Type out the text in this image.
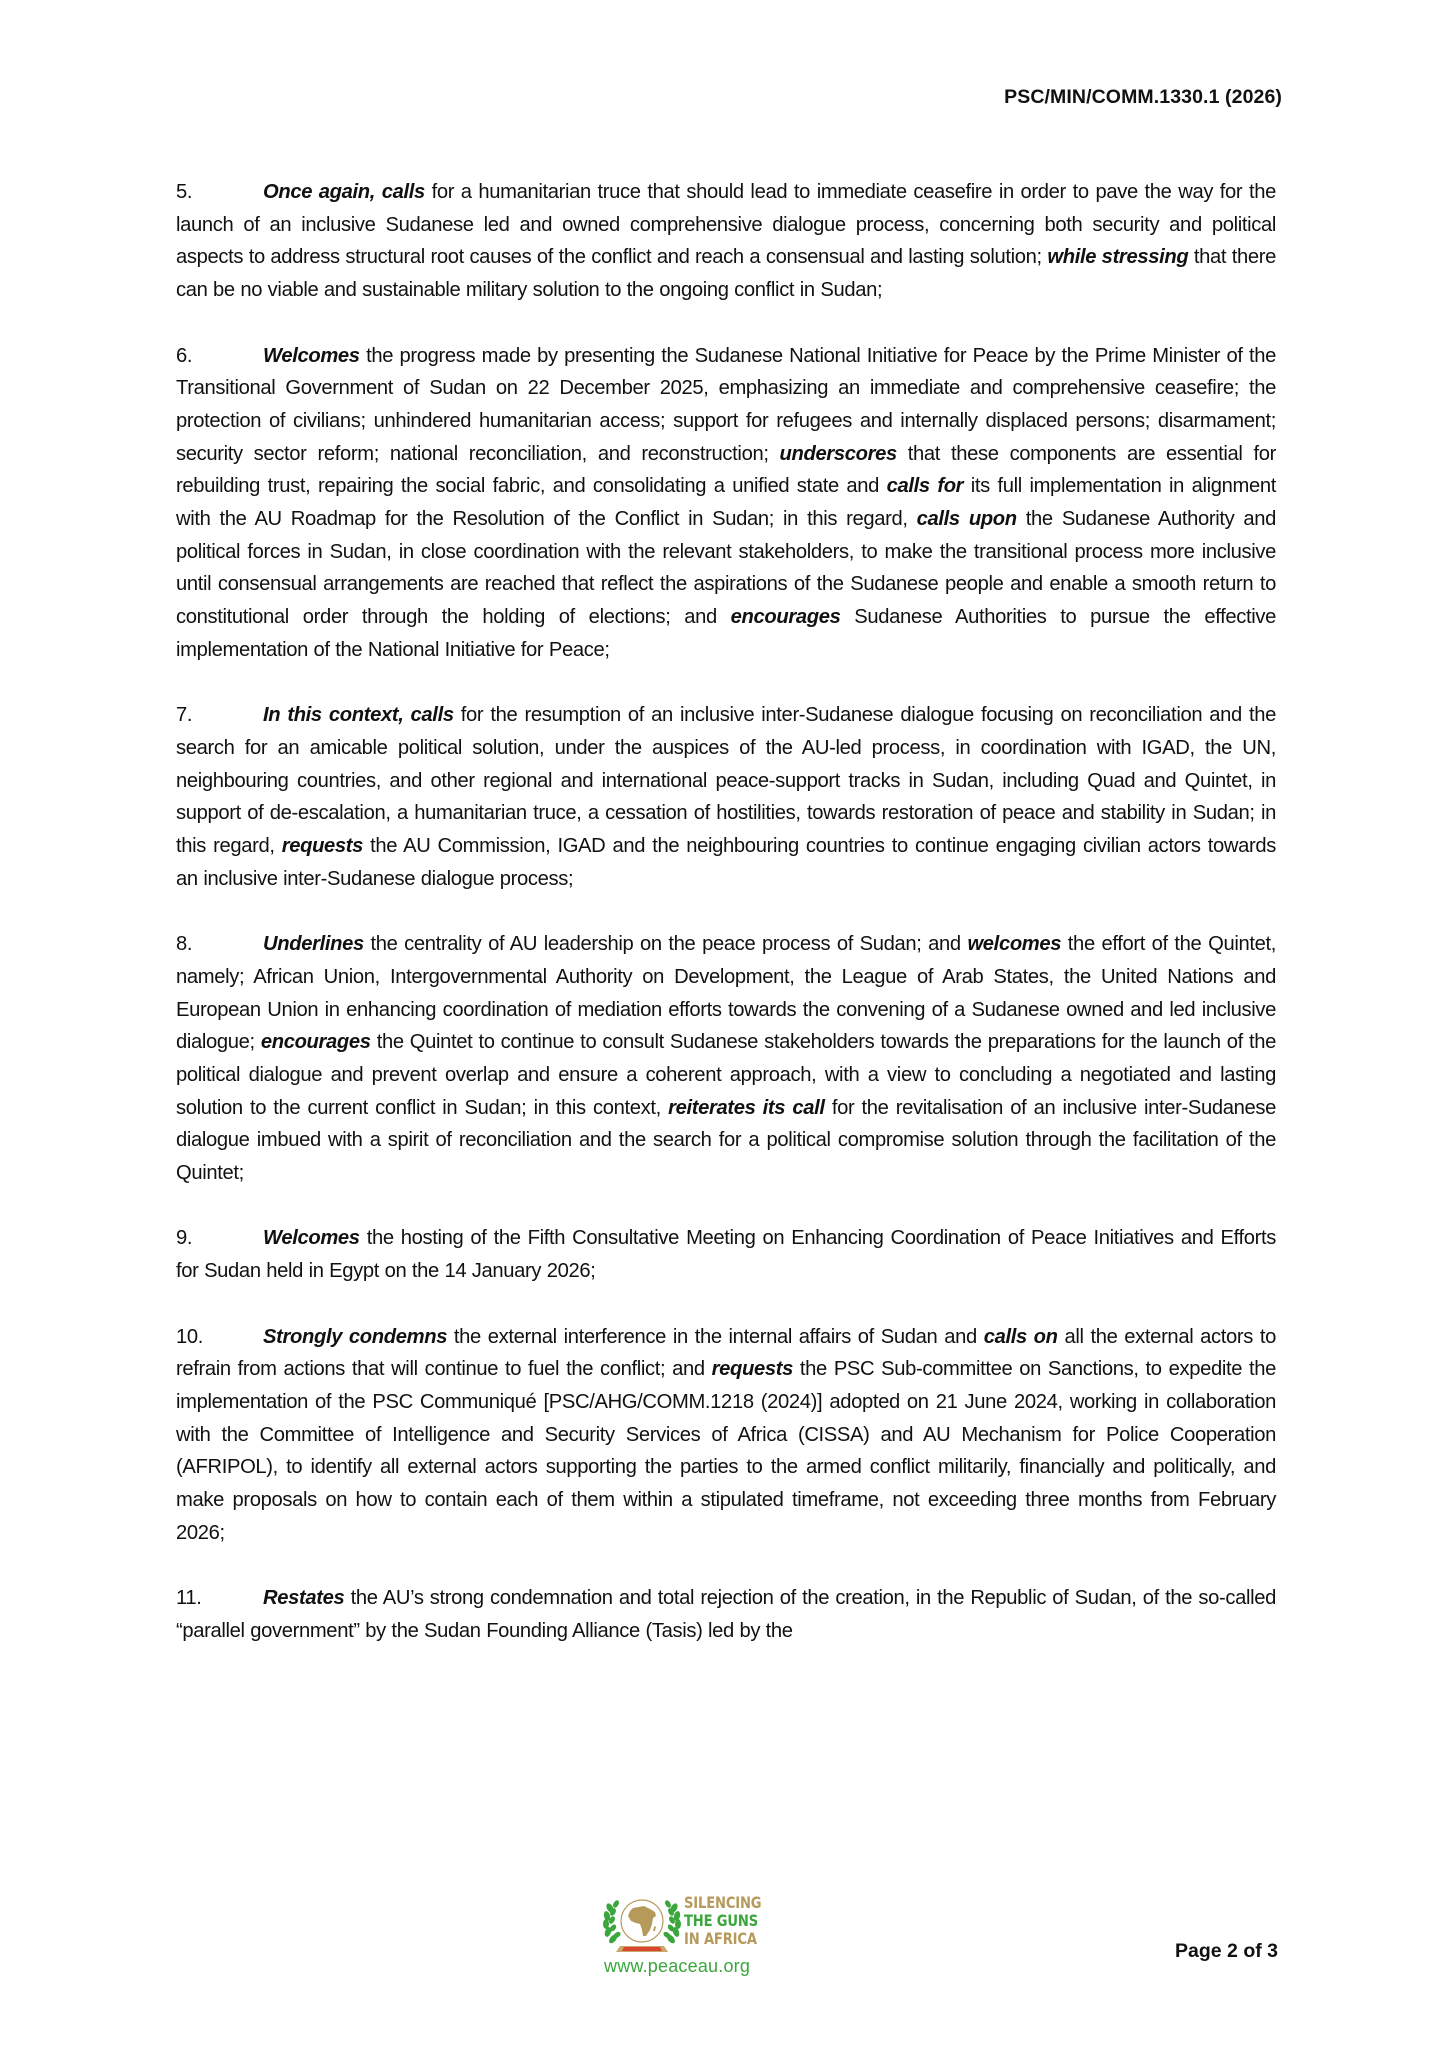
PSC/MIN/COMM.1330.1 (2026)

5.	Once again, calls for a humanitarian truce that should lead to immediate ceasefire in order to pave the way for the launch of an inclusive Sudanese led and owned comprehensive dialogue process, concerning both security and political aspects to address structural root causes of the conflict and reach a consensual and lasting solution; while stressing that there can be no viable and sustainable military solution to the ongoing conflict in Sudan;

6.	Welcomes the progress made by presenting the Sudanese National Initiative for Peace by the Prime Minister of the Transitional Government of Sudan on 22 December 2025, emphasizing an immediate and comprehensive ceasefire; the protection of civilians; unhindered humanitarian access; support for refugees and internally displaced persons; disarmament; security sector reform; national reconciliation, and reconstruction; underscores that these components are essential for rebuilding trust, repairing the social fabric, and consolidating a unified state and calls for its full implementation in alignment with the AU Roadmap for the Resolution of the Conflict in Sudan; in this regard, calls upon the Sudanese Authority and political forces in Sudan, in close coordination with the relevant stakeholders, to make the transitional process more inclusive until consensual arrangements are reached that reflect the aspirations of the Sudanese people and enable a smooth return to constitutional order through the holding of elections; and encourages Sudanese Authorities to pursue the effective implementation of the National Initiative for Peace;

7.	In this context, calls for the resumption of an inclusive inter-Sudanese dialogue focusing on reconciliation and the search for an amicable political solution, under the auspices of the AU-led process, in coordination with IGAD, the UN, neighbouring countries, and other regional and international peace-support tracks in Sudan, including Quad and Quintet, in support of de-escalation, a humanitarian truce, a cessation of hostilities, towards restoration of peace and stability in Sudan; in this regard, requests the AU Commission, IGAD and the neighbouring countries to continue engaging civilian actors towards an inclusive inter-Sudanese dialogue process;

8.	Underlines the centrality of AU leadership on the peace process of Sudan; and welcomes the effort of the Quintet, namely; African Union, Intergovernmental Authority on Development, the League of Arab States, the United Nations and European Union in enhancing coordination of mediation efforts towards the convening of a Sudanese owned and led inclusive dialogue; encourages the Quintet to continue to consult Sudanese stakeholders towards the preparations for the launch of the political dialogue and prevent overlap and ensure a coherent approach, with a view to concluding a negotiated and lasting solution to the current conflict in Sudan; in this context, reiterates its call for the revitalisation of an inclusive inter-Sudanese dialogue imbued with a spirit of reconciliation and the search for a political compromise solution through the facilitation of the Quintet;

9.	Welcomes the hosting of the Fifth Consultative Meeting on Enhancing Coordination of Peace Initiatives and Efforts for Sudan held in Egypt on the 14 January 2026;

10.	Strongly condemns the external interference in the internal affairs of Sudan and calls on all the external actors to refrain from actions that will continue to fuel the conflict; and requests the PSC Sub-committee on Sanctions, to expedite the implementation of the PSC Communiqué [PSC/AHG/COMM.1218 (2024)] adopted on 21 June 2024, working in collaboration with the Committee of Intelligence and Security Services of Africa (CISSA) and AU Mechanism for Police Cooperation (AFRIPOL), to identify all external actors supporting the parties to the armed conflict militarily, financially and politically, and make proposals on how to contain each of them within a stipulated timeframe, not exceeding three months from February 2026;

11.	Restates the AU’s strong condemnation and total rejection of the creation, in the Republic of Sudan, of the so-called “parallel government” by the Sudan Founding Alliance (Tasis) led by the

SILENCING
THE GUNS
IN AFRICA
www.peaceau.org
Page 2 of 3
